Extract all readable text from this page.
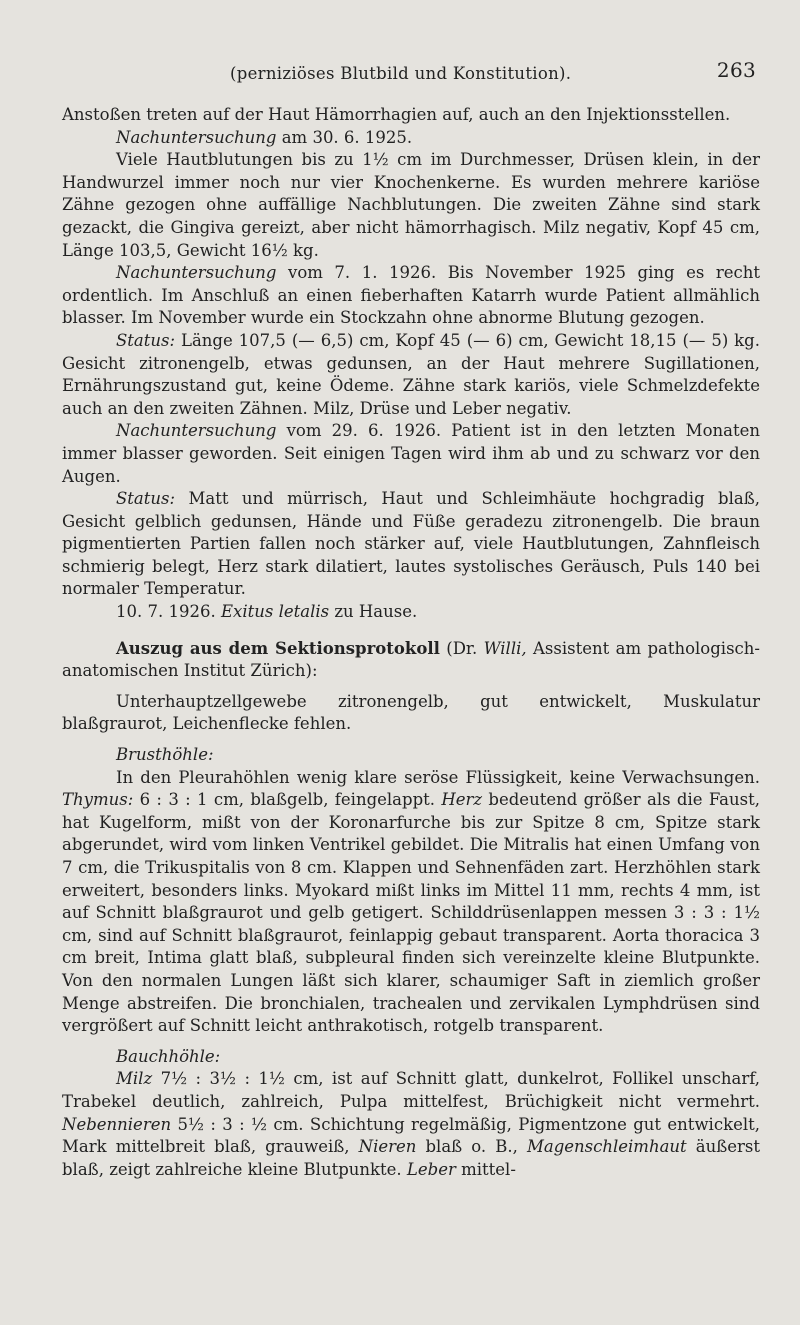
(perniziöses Blutbild und Konstitution).	263

Anstoßen treten auf der Haut Hämorrhagien auf, auch an den Injektionsstellen.

Nachuntersuchung am 30. 6. 1925.

Viele Hautblutungen bis zu 1½ cm im Durchmesser, Drüsen klein, in der Handwurzel immer noch nur vier Knochenkerne. Es wurden mehrere kariöse Zähne gezogen ohne auffällige Nachblutungen. Die zweiten Zähne sind stark gezackt, die Gingiva gereizt, aber nicht hämorrhagisch. Milz negativ, Kopf 45 cm, Länge 103,5, Gewicht 16½ kg.

Nachuntersuchung vom 7. 1. 1926. Bis November 1925 ging es recht ordentlich. Im Anschluß an einen fieberhaften Katarrh wurde Patient allmählich blasser. Im November wurde ein Stockzahn ohne abnorme Blutung gezogen.

Status: Länge 107,5 (— 6,5) cm, Kopf 45 (— 6) cm, Gewicht 18,15 (— 5) kg. Gesicht zitronengelb, etwas gedunsen, an der Haut mehrere Sugillationen, Ernährungszustand gut, keine Ödeme. Zähne stark kariös, viele Schmelzdefekte auch an den zweiten Zähnen. Milz, Drüse und Leber negativ.

Nachuntersuchung vom 29. 6. 1926. Patient ist in den letzten Monaten immer blasser geworden. Seit einigen Tagen wird ihm ab und zu schwarz vor den Augen.

Status: Matt und mürrisch, Haut und Schleimhäute hochgradig blaß, Gesicht gelblich gedunsen, Hände und Füße geradezu zitronengelb. Die braun pigmentierten Partien fallen noch stärker auf, viele Hautblutungen, Zahnfleisch schmierig belegt, Herz stark dilatiert, lautes systolisches Geräusch, Puls 140 bei normaler Temperatur.

10. 7. 1926. Exitus letalis zu Hause.

Auszug aus dem Sektionsprotokoll (Dr. Willi, Assistent am pathologisch-anatomischen Institut Zürich):

Unterhauptzellgewebe zitronengelb, gut entwickelt, Muskulatur blaßgraurot, Leichenflecke fehlen.

Brusthöhle:

In den Pleurahöhlen wenig klare seröse Flüssigkeit, keine Verwachsungen. Thymus: 6 : 3 : 1 cm, blaßgelb, feingelappt. Herz bedeutend größer als die Faust, hat Kugelform, mißt von der Koronarfurche bis zur Spitze 8 cm, Spitze stark abgerundet, wird vom linken Ventrikel gebildet. Die Mitralis hat einen Umfang von 7 cm, die Trikuspitalis von 8 cm. Klappen und Sehnenfäden zart. Herzhöhlen stark erweitert, besonders links. Myokard mißt links im Mittel 11 mm, rechts 4 mm, ist auf Schnitt blaßgraurot und gelb getigert. Schilddrüsenlappen messen 3 : 3 : 1½ cm, sind auf Schnitt blaßgraurot, feinlappig gebaut transparent. Aorta thoracica 3 cm breit, Intima glatt blaß, subpleural finden sich vereinzelte kleine Blutpunkte. Von den normalen Lungen läßt sich klarer, schaumiger Saft in ziemlich großer Menge abstreifen. Die bronchialen, trachealen und zervikalen Lymphdrüsen sind vergrößert auf Schnitt leicht anthrakotisch, rotgelb transparent.

Bauchhöhle:

Milz 7½ : 3½ : 1½ cm, ist auf Schnitt glatt, dunkelrot, Follikel unscharf, Trabekel deutlich, zahlreich, Pulpa mittelfest, Brüchigkeit nicht vermehrt. Nebennieren 5½ : 3 : ½ cm. Schichtung regelmäßig, Pigmentzone gut entwickelt, Mark mittelbreit blaß, grauweiß, Nieren blaß o. B., Magenschleimhaut äußerst blaß, zeigt zahlreiche kleine Blutpunkte. Leber mittel-
